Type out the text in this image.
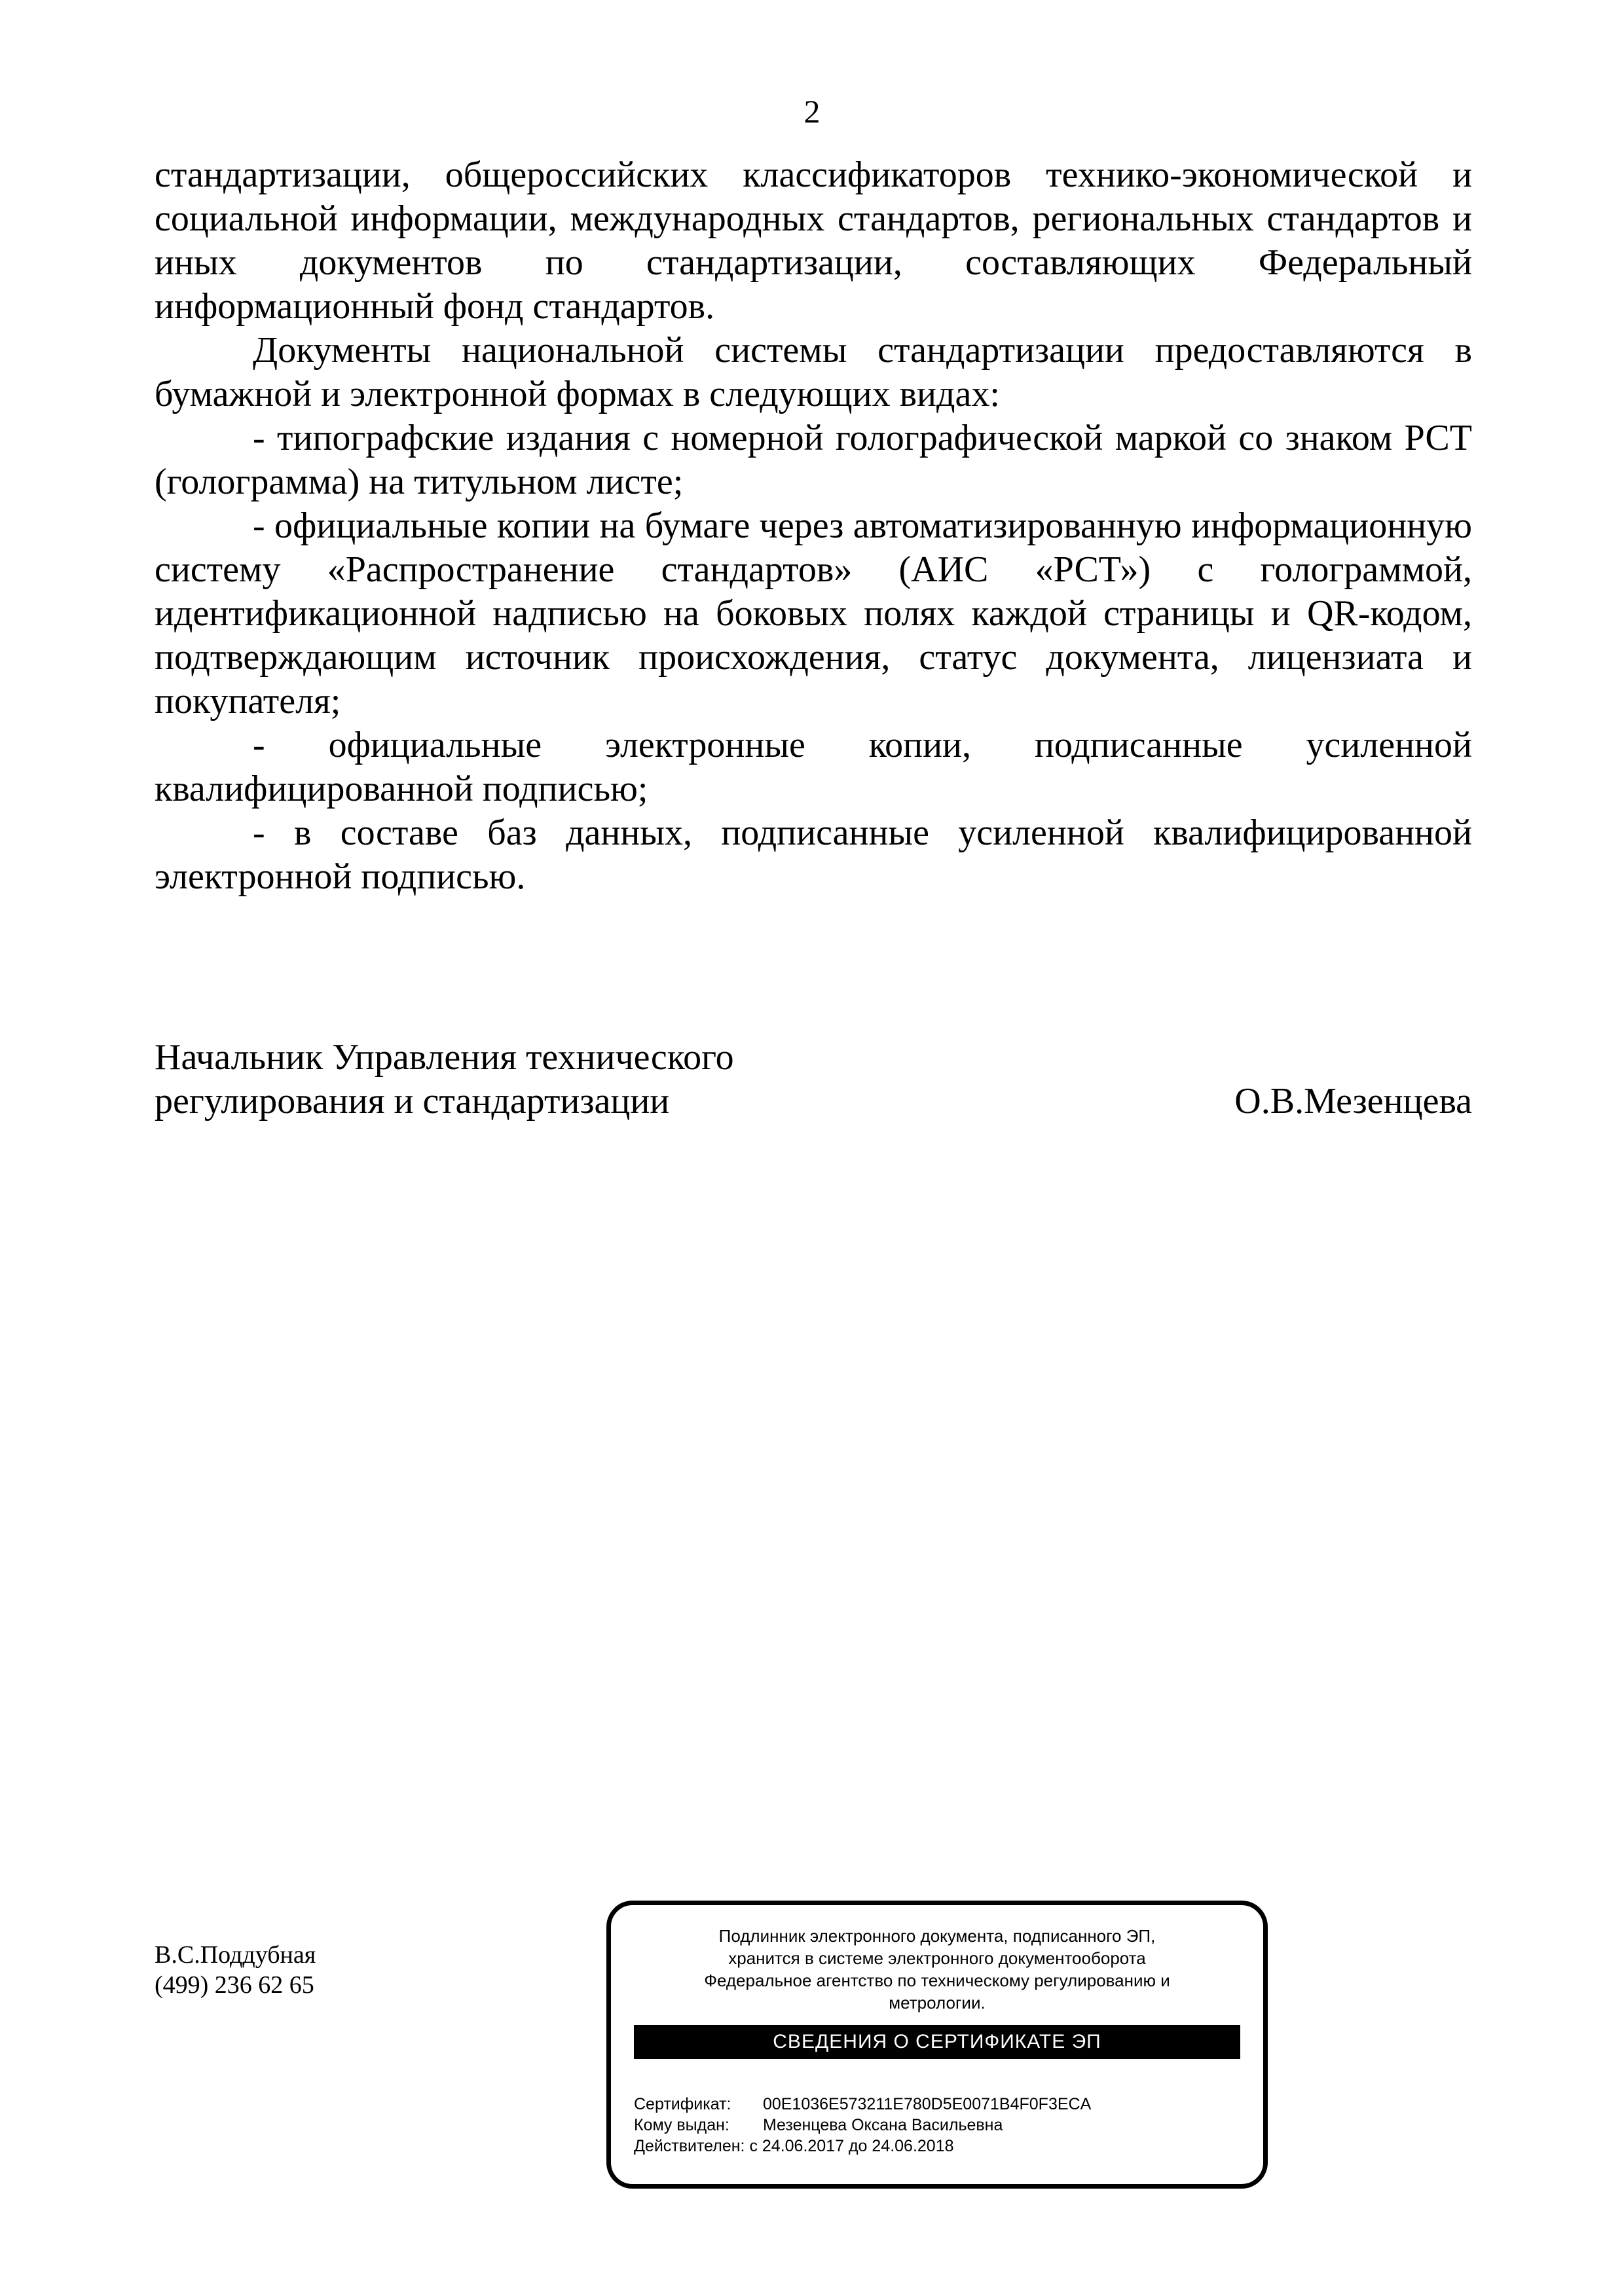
2

стандартизации, общероссийских классификаторов технико-экономической и социальной информации, международных стандартов, региональных стандартов и иных документов по стандартизации, составляющих Федеральный информационный фонд стандартов.

Документы национальной системы стандартизации предоставляются в бумажной и электронной формах в следующих видах:

- типографские издания с номерной голографической маркой со знаком РСТ (голограмма) на титульном листе;

- официальные копии на бумаге через автоматизированную информационную систему «Распространение стандартов» (АИС «РСТ») с голограммой, идентификационной надписью на боковых полях каждой страницы и QR-кодом, подтверждающим источник происхождения, статус документа, лицензиата и покупателя;

- официальные электронные копии, подписанные усиленной квалифицированной подписью;

- в составе баз данных, подписанные усиленной квалифицированной электронной подписью.

Начальник Управления технического
регулирования и стандартизации	О.В.Мезенцева
В.С.Поддубная
(499) 236 62 65
Подлинник электронного документа, подписанного ЭП,
хранится в системе электронного документооборота
Федеральное агентство по техническому регулированию и
метрологии.
СВЕДЕНИЯ О СЕРТИФИКАТЕ ЭП
Сертификат: 00E1036E573211E780D5E0071B4F0F3ECA
Кому выдан: Мезенцева Оксана Васильевна
Действителен: с 24.06.2017 до 24.06.2018
